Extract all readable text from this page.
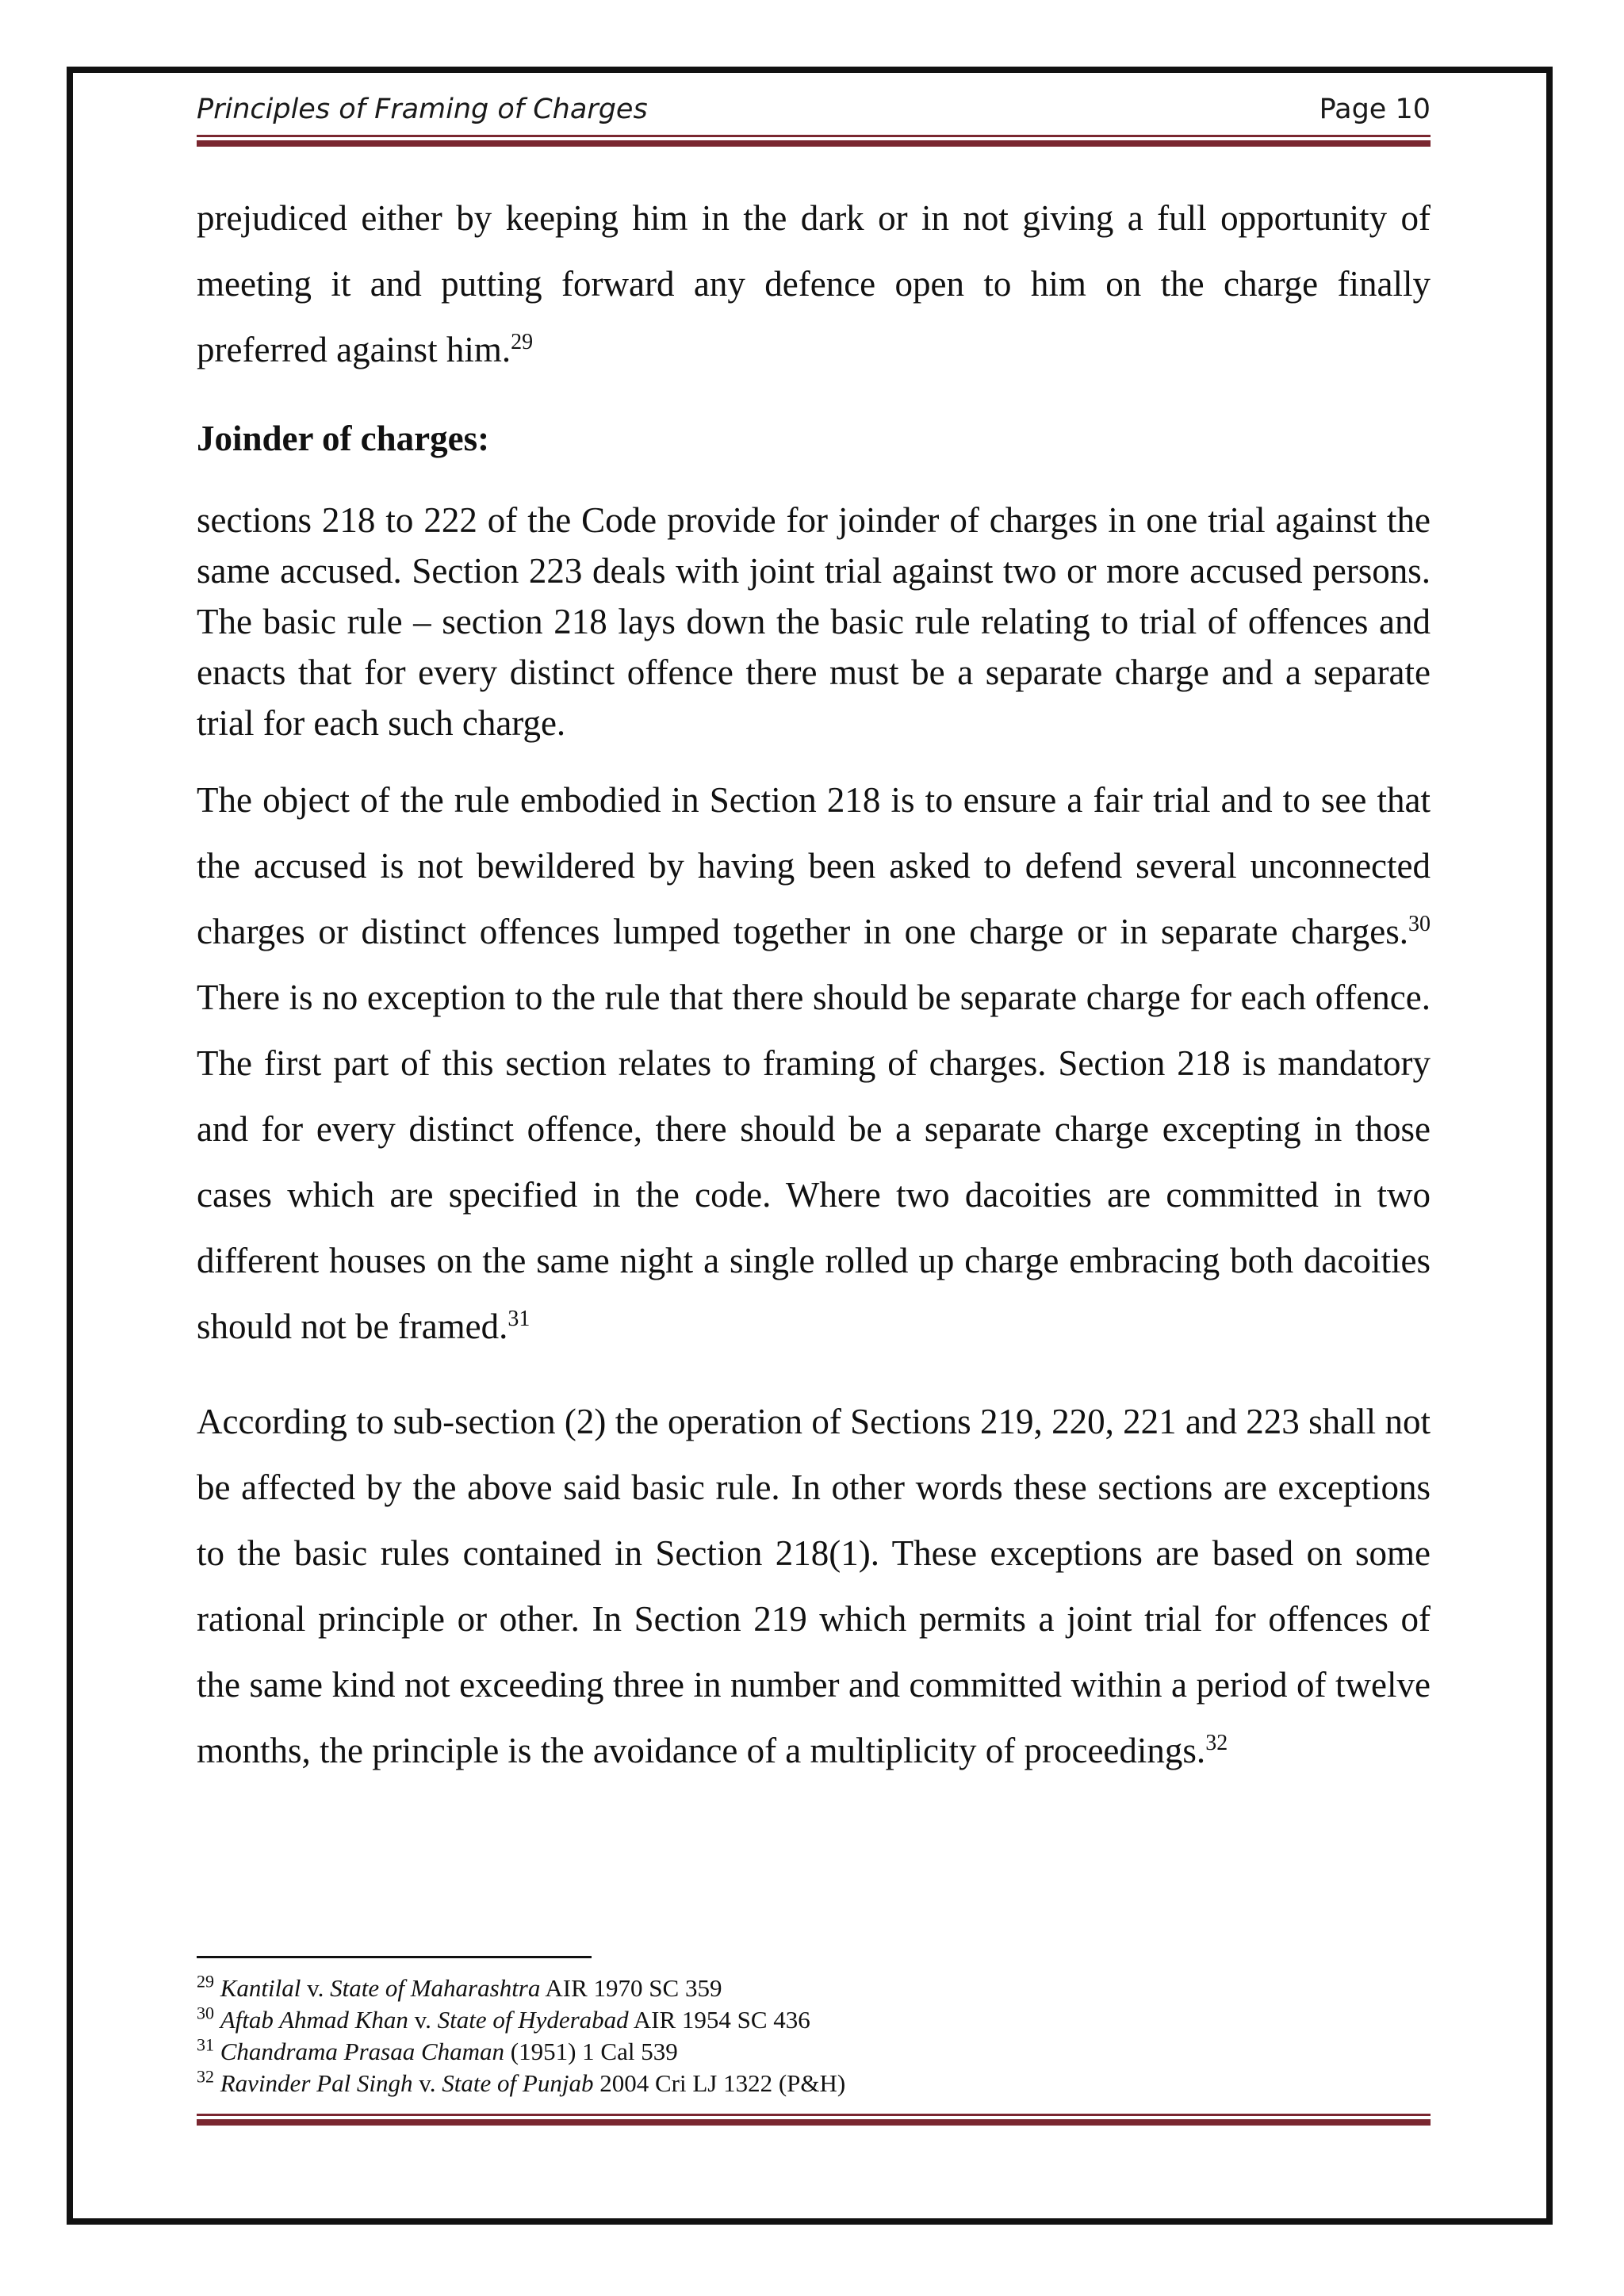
Principles of Framing of Charges	Page 10
prejudiced either by keeping him in the dark or in not giving a full opportunity of meeting it and putting forward any defence open to him on the charge finally preferred against him.$^{29}$
Joinder of charges:
sections 218 to 222 of the Code provide for joinder of charges in one trial against the same accused. Section 223 deals with joint trial against two or more accused persons. The basic rule – section 218 lays down the basic rule relating to trial of offences and enacts that for every distinct offence there must be a separate charge and a separate trial for each such charge.
The object of the rule embodied in Section 218 is to ensure a fair trial and to see that the accused is not bewildered by having been asked to defend several unconnected charges or distinct offences lumped together in one charge or in separate charges.$^{30}$ There is no exception to the rule that there should be separate charge for each offence. The first part of this section relates to framing of charges. Section 218 is mandatory and for every distinct offence, there should be a separate charge excepting in those cases which are specified in the code. Where two dacoities are committed in two different houses on the same night a single rolled up charge embracing both dacoities should not be framed.$^{31}$
According to sub-section (2) the operation of Sections 219, 220, 221 and 223 shall not be affected by the above said basic rule. In other words these sections are exceptions to the basic rules contained in Section 218(1). These exceptions are based on some rational principle or other. In Section 219 which permits a joint trial for offences of the same kind not exceeding three in number and committed within a period of twelve months, the principle is the avoidance of a multiplicity of proceedings.$^{32}$
$^{29}$ Kantilal v. State of Maharashtra AIR 1970 SC 359
$^{30}$ Aftab Ahmad Khan v. State of Hyderabad AIR 1954 SC 436
$^{31}$ Chandrama Prasaa Chaman (1951) 1 Cal 539
$^{32}$ Ravinder Pal Singh v. State of Punjab 2004 Cri LJ 1322 (P&H)
